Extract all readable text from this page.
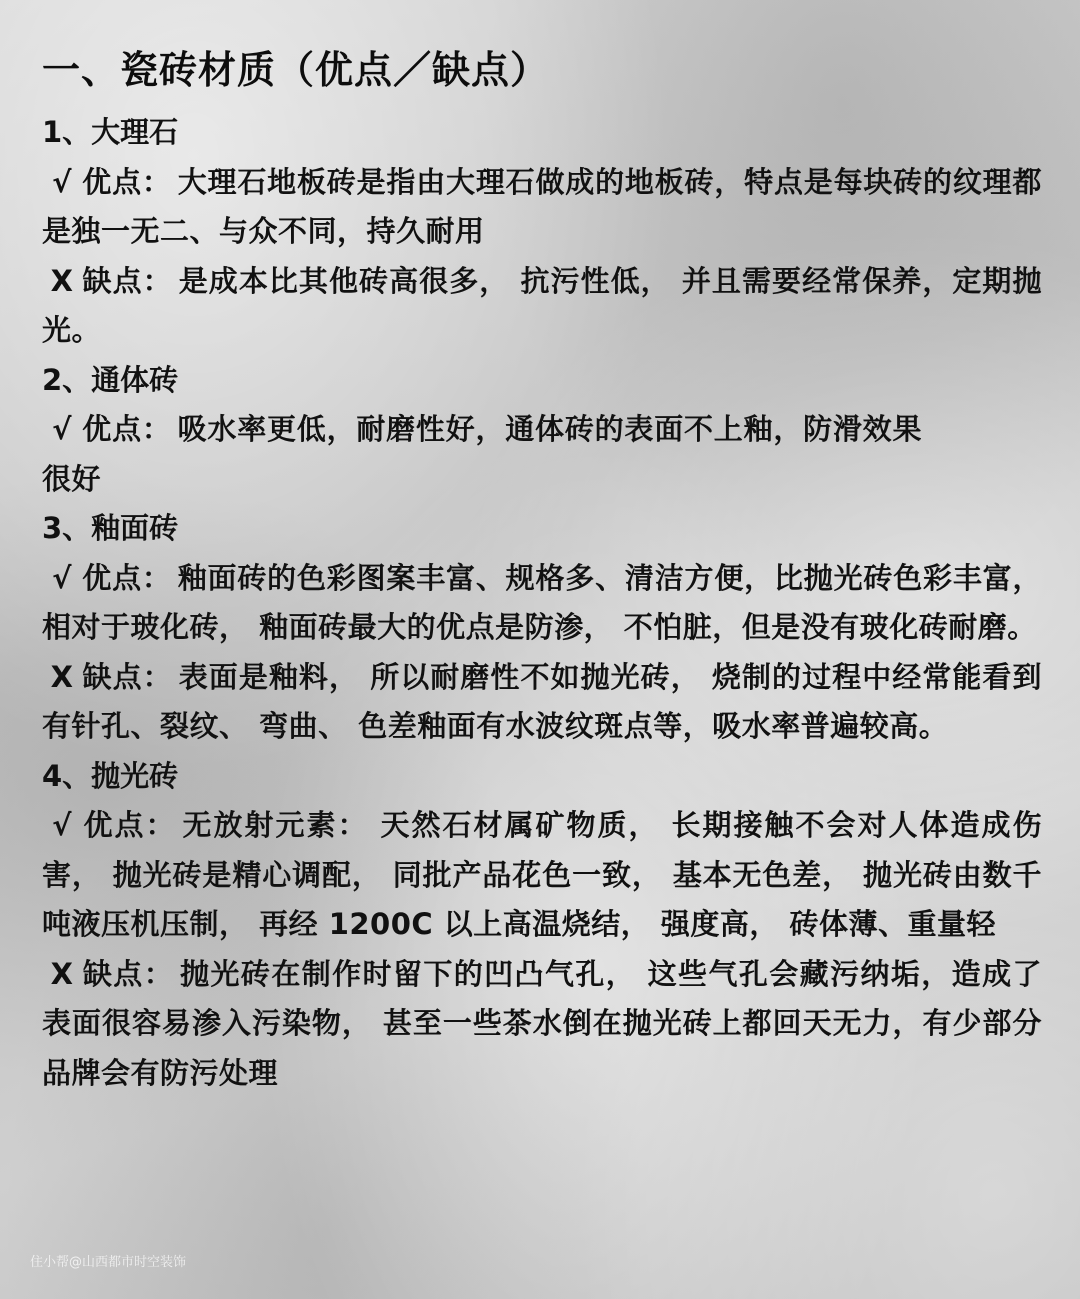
一、瓷砖材质（优点／缺点）

1、大理石

√ 优点： 大理石地板砖是指由大理石做成的地板砖，特点是每块砖的纹理都是独一无二、与众不同，持久耐用

X 缺点： 是成本比其他砖高很多， 抗污性低， 并且需要经常保养，定期抛光。

2、通体砖

√ 优点： 吸水率更低，耐磨性好，通体砖的表面不上釉，防滑效果很好

3、釉面砖

√ 优点： 釉面砖的色彩图案丰富、规格多、清洁方便，比抛光砖色彩丰富， 相对于玻化砖， 釉面砖最大的优点是防渗， 不怕脏，但是没有玻化砖耐磨。

X 缺点： 表面是釉料， 所以耐磨性不如抛光砖， 烧制的过程中经常能看到有针孔、裂纹、 弯曲、 色差釉面有水波纹斑点等，吸水率普遍较高。

4、抛光砖

√ 优点： 无放射元素： 天然石材属矿物质， 长期接触不会对人体造成伤害， 抛光砖是精心调配， 同批产品花色一致， 基本无色差， 抛光砖由数千吨液压机压制， 再经 1200C 以上高温烧结， 强度高， 砖体薄、重量轻

X 缺点： 抛光砖在制作时留下的凹凸气孔， 这些气孔会藏污纳垢，造成了表面很容易渗入污染物， 甚至一些茶水倒在抛光砖上都回天无力，有少部分品牌会有防污处理

住小帮@山西都市时空装饰
